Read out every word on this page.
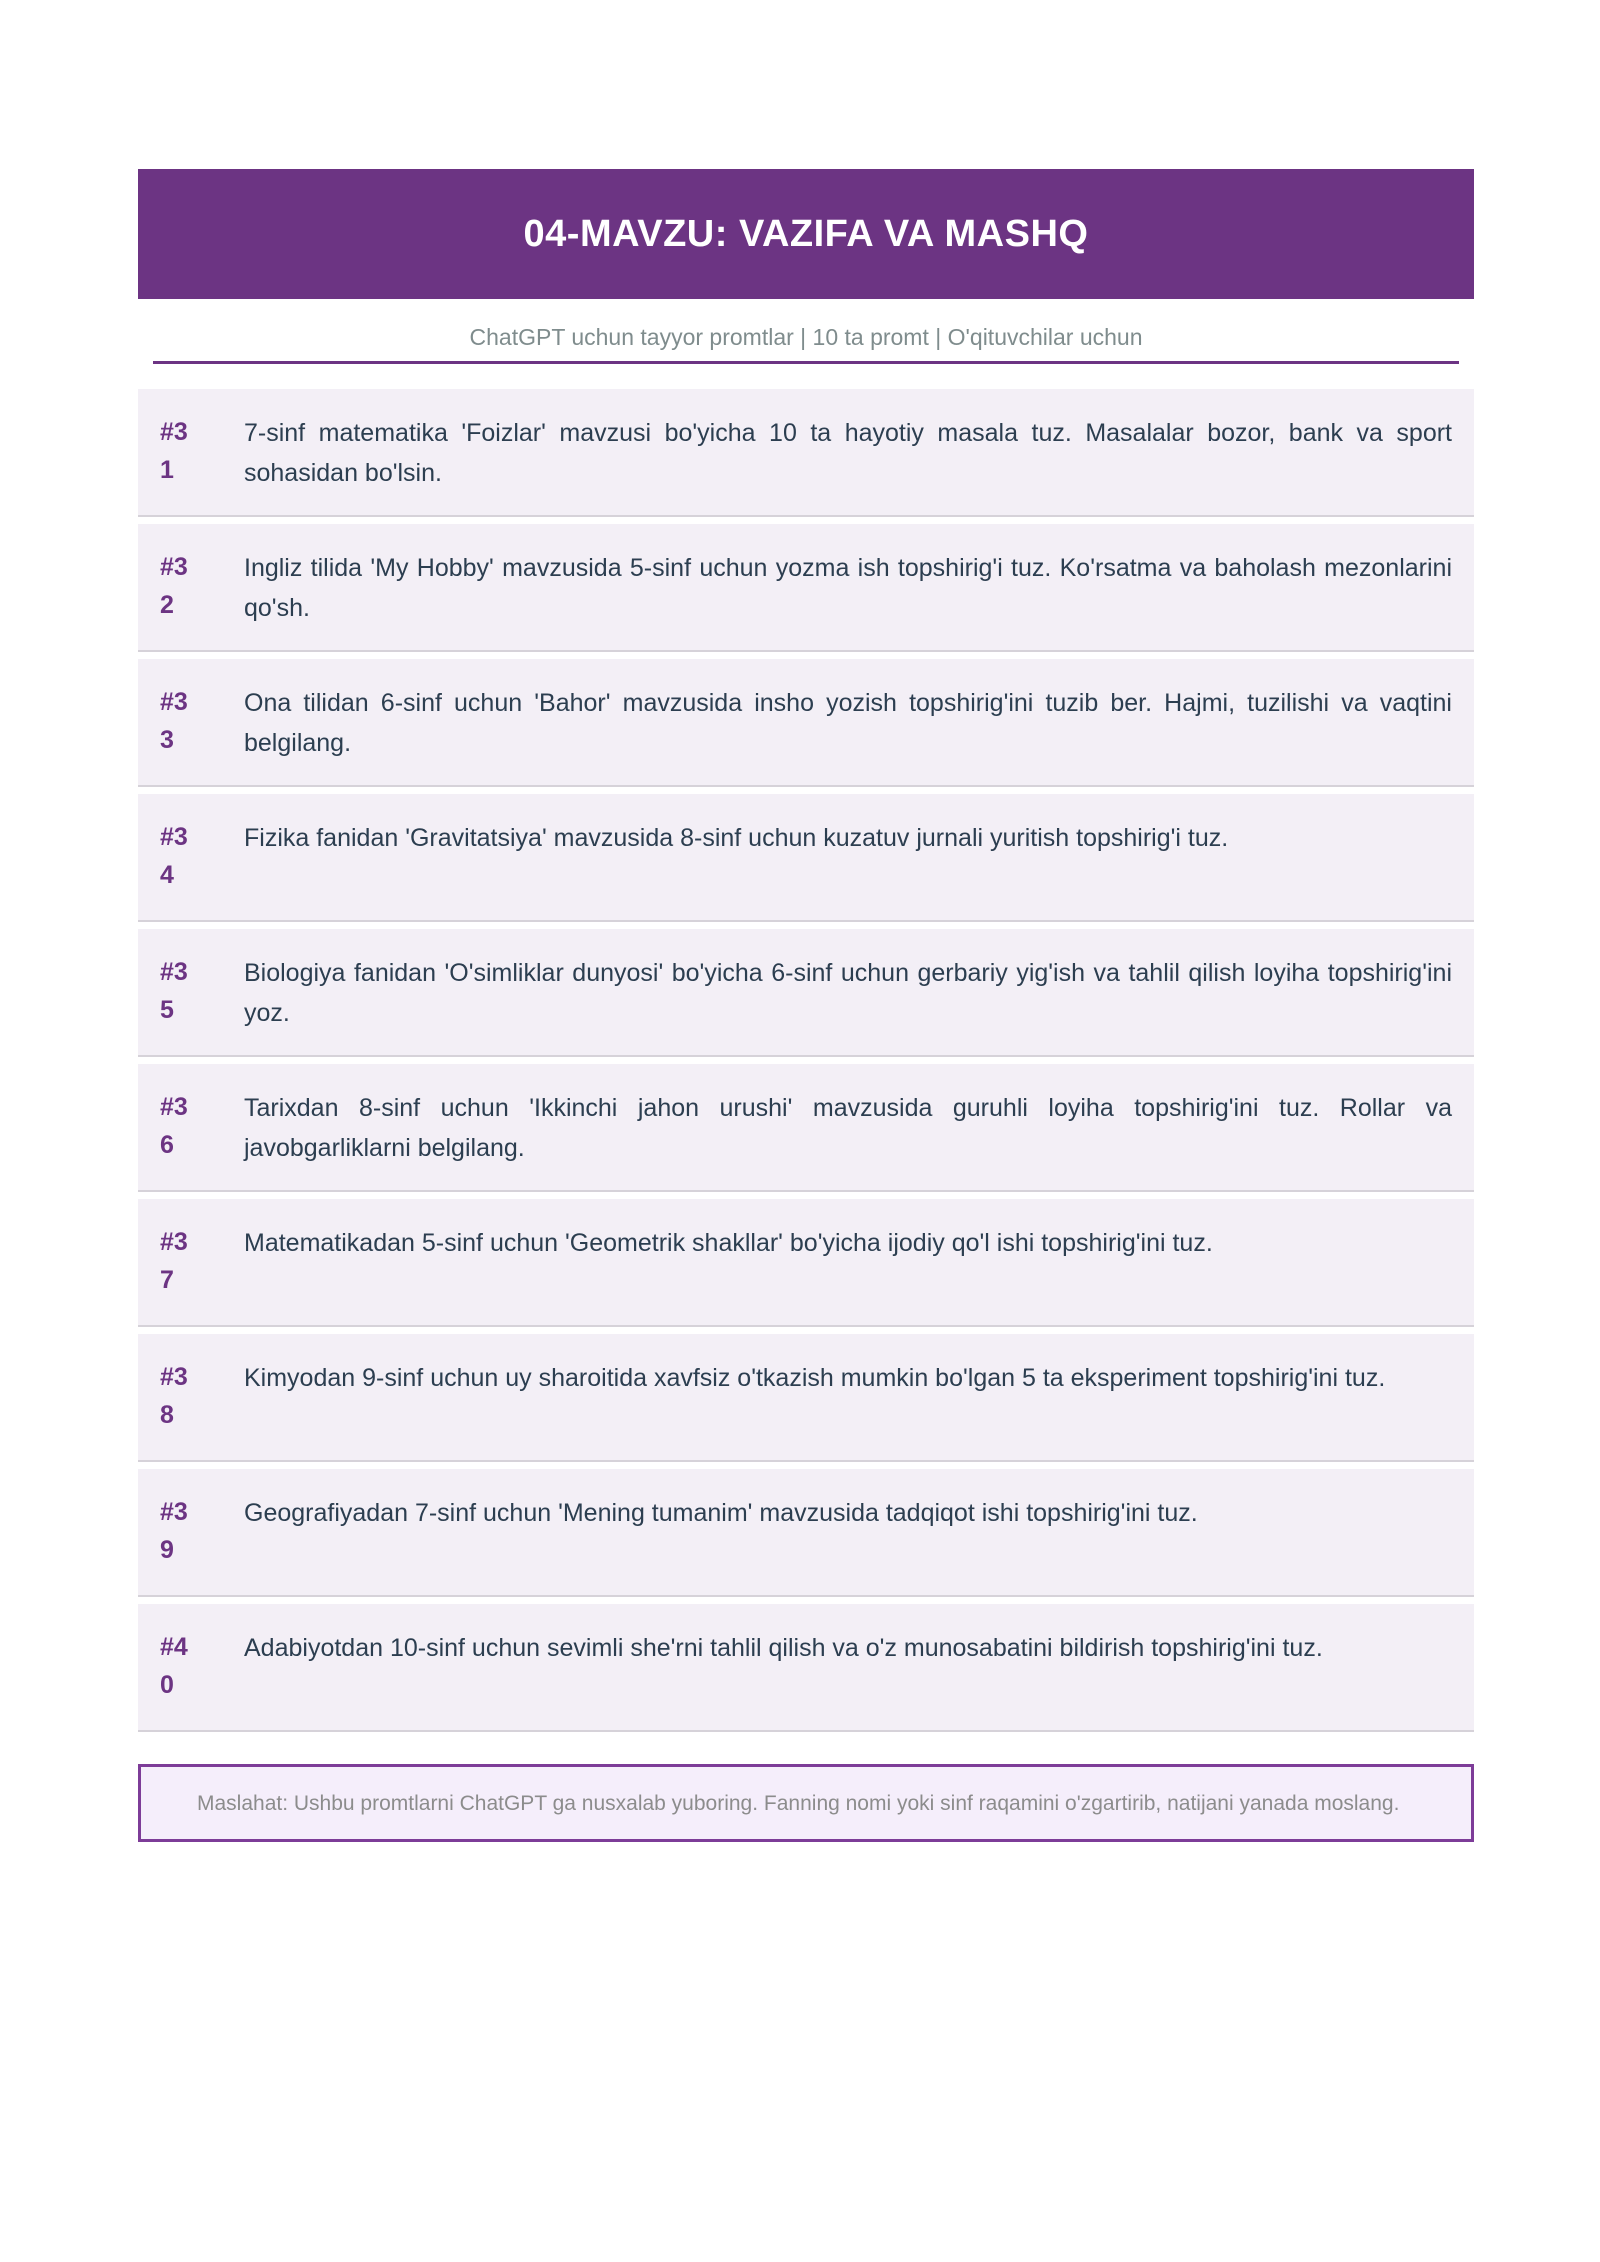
04-MAVZU: VAZIFA VA MASHQ
ChatGPT uchun tayyor promtlar | 10 ta promt | O'qituvchilar uchun
#3
1
7-sinf matematika 'Foizlar' mavzusi bo'yicha 10 ta hayotiy masala tuz. Masalalar bozor, bank va sport sohasidan bo'lsin.
#3
2
Ingliz tilida 'My Hobby' mavzusida 5-sinf uchun yozma ish topshirig'i tuz. Ko'rsatma va baholash mezonlarini qo'sh.
#3
3
Ona tilidan 6-sinf uchun 'Bahor' mavzusida insho yozish topshirig'ini tuzib ber. Hajmi, tuzilishi va vaqtini belgilang.
#3
4
Fizika fanidan 'Gravitatsiya' mavzusida 8-sinf uchun kuzatuv jurnali yuritish topshirig'i tuz.
#3
5
Biologiya fanidan 'O'simliklar dunyosi' bo'yicha 6-sinf uchun gerbariy yig'ish va tahlil qilish loyiha topshirig'ini yoz.
#3
6
Tarixdan 8-sinf uchun 'Ikkinchi jahon urushi' mavzusida guruhli loyiha topshirig'ini tuz. Rollar va javobgarliklarni belgilang.
#3
7
Matematikadan 5-sinf uchun 'Geometrik shakllar' bo'yicha ijodiy qo'l ishi topshirig'ini tuz.
#3
8
Kimyodan 9-sinf uchun uy sharoitida xavfsiz o'tkazish mumkin bo'lgan 5 ta eksperiment topshirig'ini tuz.
#3
9
Geografiyadan 7-sinf uchun 'Mening tumanim' mavzusida tadqiqot ishi topshirig'ini tuz.
#4
0
Adabiyotdan 10-sinf uchun sevimli she'rni tahlil qilish va o'z munosabatini bildirish topshirig'ini tuz.
Maslahat: Ushbu promtlarni ChatGPT ga nusxalab yuboring. Fanning nomi yoki sinf raqamini o'zgartirib, natijani yanada moslang.
